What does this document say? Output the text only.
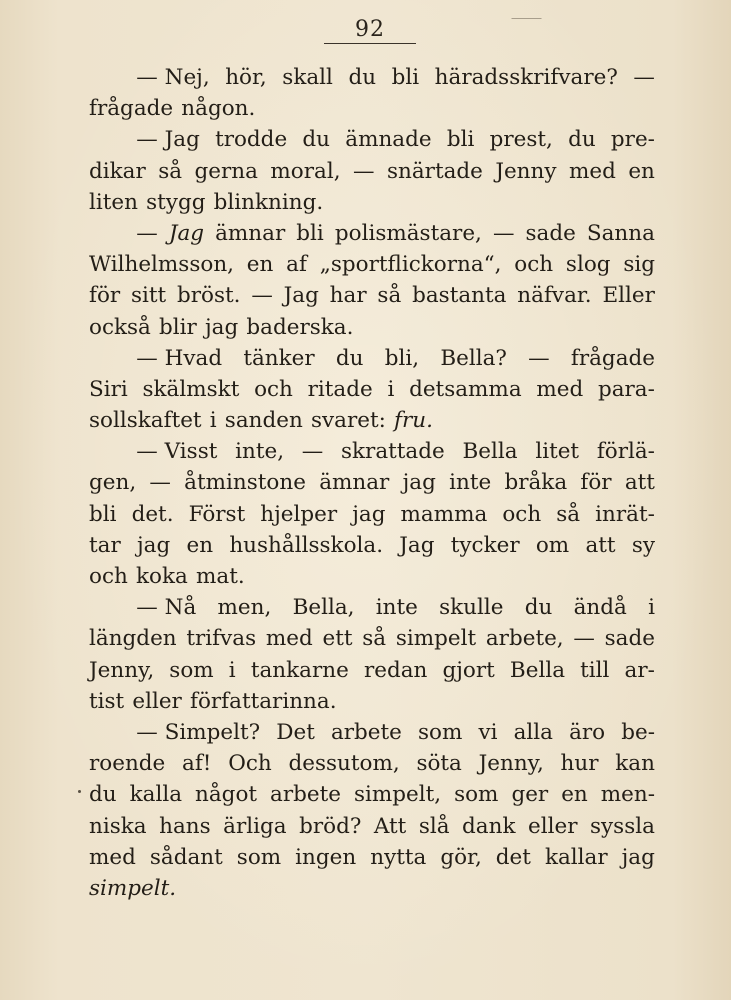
92
— Nej, hör, skall du bli häradsskrifvare? —
frågade någon.
— Jag trodde du ämnade bli prest, du pre-
dikar så gerna moral, — snärtade Jenny med en
liten stygg blinkning.
— Jag ämnar bli polismästare, — sade Sanna
Wilhelmsson, en af „sportflickorna“, och slog sig
för sitt bröst. — Jag har så bastanta näfvar. Eller
också blir jag baderska.
— Hvad tänker du bli, Bella? — frågade
Siri skälmskt och ritade i detsamma med para-
sollskaftet i sanden svaret: fru.
— Visst inte, — skrattade Bella litet förlä-
gen, — åtminstone ämnar jag inte bråka för att
bli det. Först hjelper jag mamma och så inrät-
tar jag en hushållsskola. Jag tycker om att sy
och koka mat.
— Nå men, Bella, inte skulle du ändå i
längden trifvas med ett så simpelt arbete, — sade
Jenny, som i tankarne redan gjort Bella till ar-
tist eller författarinna.
— Simpelt? Det arbete som vi alla äro be-
roende af! Och dessutom, söta Jenny, hur kan
du kalla något arbete simpelt, som ger en men-
niska hans ärliga bröd? Att slå dank eller syssla
med sådant som ingen nytta gör, det kallar jag
simpelt.
